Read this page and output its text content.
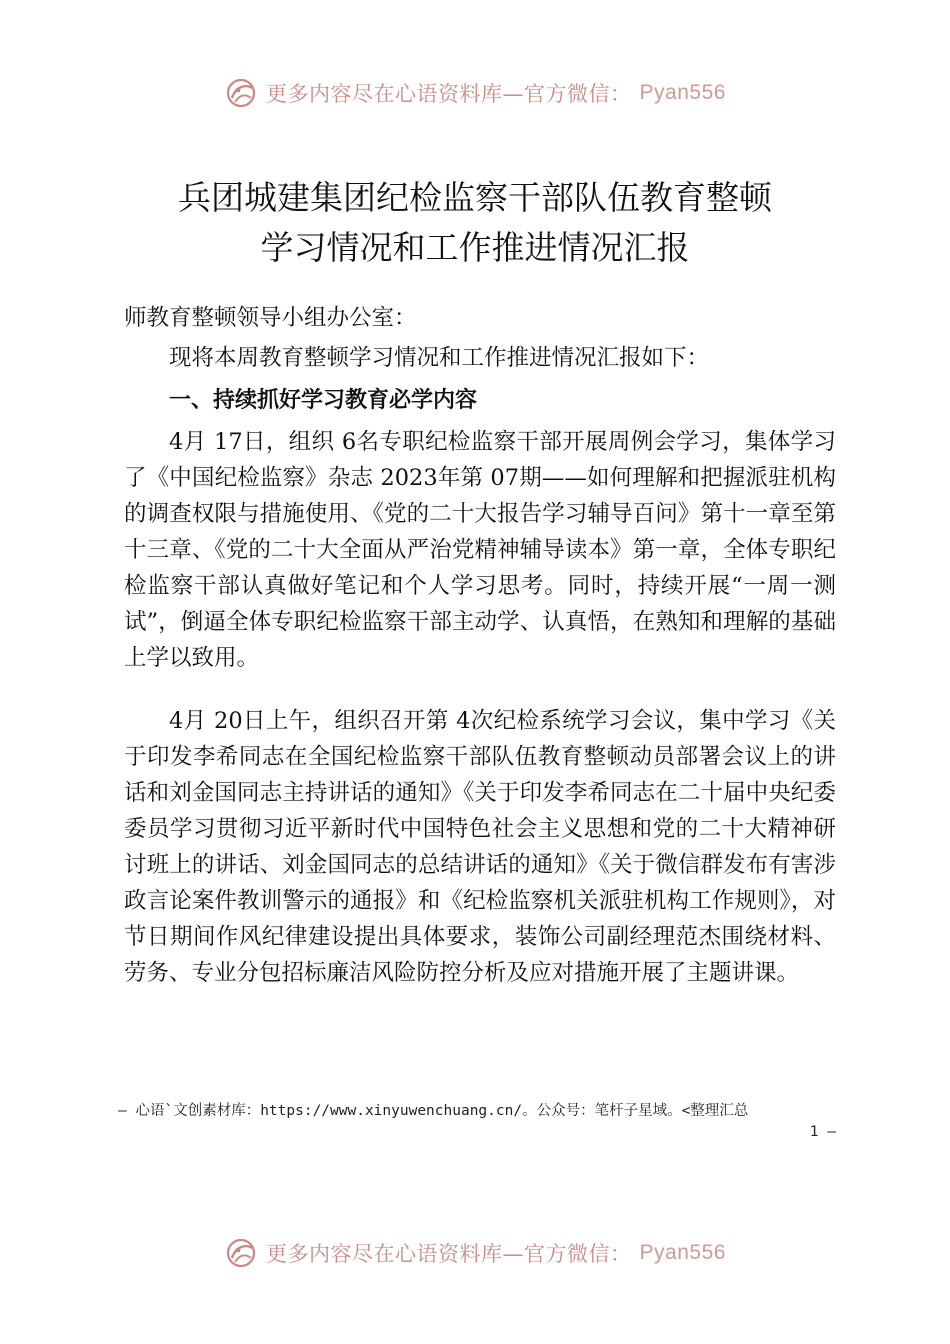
更多内容尽在心语资料库—官方微信： Pyan556
兵团城建集团纪检监察干部队伍教育整顿
学习情况和工作推进情况汇报
师教育整顿领导小组办公室：
现将本周教育整顿学习情况和工作推进情况汇报如下：
一、持续抓好学习教育必学内容
4月 17日，组织 6名专职纪检监察干部开展周例会学习，集体学习了《中国纪检监察》杂志 2023年第 07期——如何理解和把握派驻机构的调查权限与措施使用、《党的二十大报告学习辅导百问》第十一章至第十三章、《党的二十大全面从严治党精神辅导读本》第一章，全体专职纪检监察干部认真做好笔记和个人学习思考。同时，持续开展“一周一测试”，倒逼全体专职纪检监察干部主动学、认真悟，在熟知和理解的基础上学以致用。
4月 20日上午，组织召开第 4次纪检系统学习会议，集中学习《关于印发李希同志在全国纪检监察干部队伍教育整顿动员部署会议上的讲话和刘金国同志主持讲话的通知》《关于印发李希同志在二十届中央纪委委员学习贯彻习近平新时代中国特色社会主义思想和党的二十大精神研讨班上的讲话、刘金国同志的总结讲话的通知》《关于微信群发布有害涉政言论案件教训警示的通报》和《纪检监察机关派驻机构工作规则》，对节日期间作风纪律建设提出具体要求，装饰公司副经理范杰围绕材料、劳务、专业分包招标廉洁风险防控分析及应对措施开展了主题讲课。
— 心语`文创素材库：https://www.xinyuwenchuang.cn/。公众号：笔杆子星域。<整理汇总
1 —
更多内容尽在心语资料库—官方微信： Pyan556
